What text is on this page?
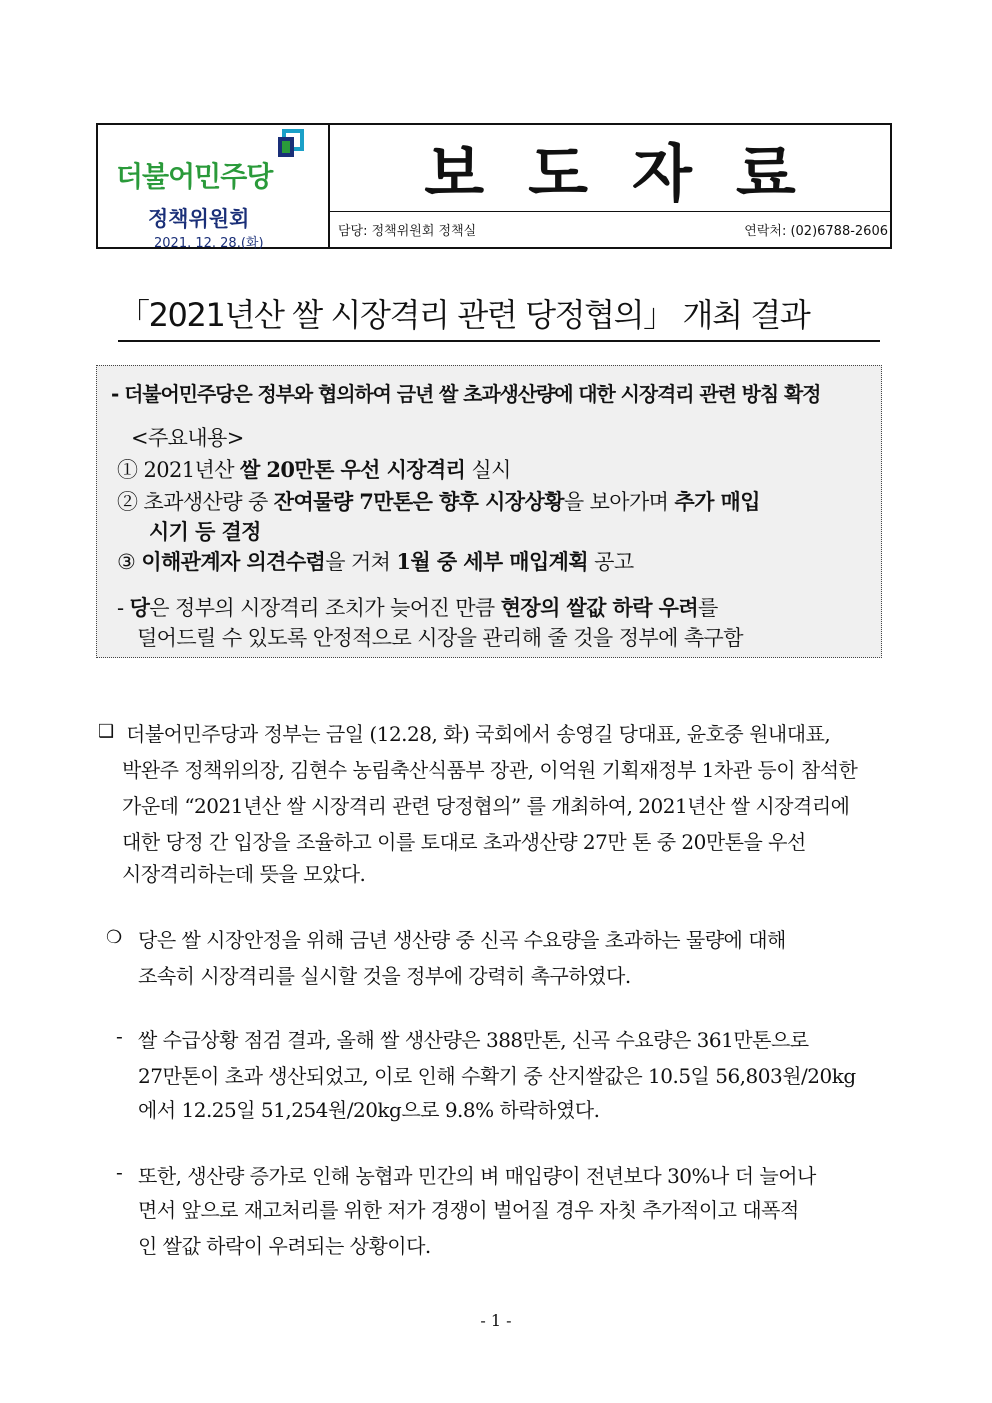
더불어민주당
정책위원회
2021. 12. 28.(화)
보도자료
담당: 정책위원회 정책실	연락처: (02)6788-2606
「2021년산 쌀 시장격리 관련 당정협의」 개최 결과
- 더불어민주당은 정부와 협의하여 금년 쌀 초과생산량에 대한 시장격리 관련 방침 확정
<주요내용>
① 2021년산 쌀 20만톤 우선 시장격리 실시
② 초과생산량 중 잔여물량 7만톤은 향후 시장상황을 보아가며 추가 매입
시기 등 결정
③ 이해관계자 의견수렴을 거쳐 1월 중 세부 매입계획 공고
- 당은 정부의 시장격리 조치가 늦어진 만큼 현장의 쌀값 하락 우려를
덜어드릴 수 있도록 안정적으로 시장을 관리해 줄 것을 정부에 촉구함
❑ 더불어민주당과 정부는 금일 (12.28, 화) 국회에서 송영길 당대표, 윤호중 원내대표,
박완주 정책위의장, 김현수 농림축산식품부 장관, 이억원 기획재정부 1차관 등이 참석한
가운데 “2021년산 쌀 시장격리 관련 당정협의” 를 개최하여, 2021년산 쌀 시장격리에
대한 당정 간 입장을 조율하고 이를 토대로 초과생산량 27만 톤 중 20만톤을 우선
시장격리하는데 뜻을 모았다.
❍ 당은 쌀 시장안정을 위해 금년 생산량 중 신곡 수요량을 초과하는 물량에 대해
조속히 시장격리를 실시할 것을 정부에 강력히 촉구하였다.
- 쌀 수급상황 점검 결과, 올해 쌀 생산량은 388만톤, 신곡 수요량은 361만톤으로
27만톤이 초과 생산되었고, 이로 인해 수확기 중 산지쌀값은 10.5일 56,803원/20kg
에서 12.25일 51,254원/20kg으로 9.8% 하락하였다.
- 또한, 생산량 증가로 인해 농협과 민간의 벼 매입량이 전년보다 30%나 더 늘어나
면서 앞으로 재고처리를 위한 저가 경쟁이 벌어질 경우 자칫 추가적이고 대폭적
인 쌀값 하락이 우려되는 상황이다.
- 1 -
